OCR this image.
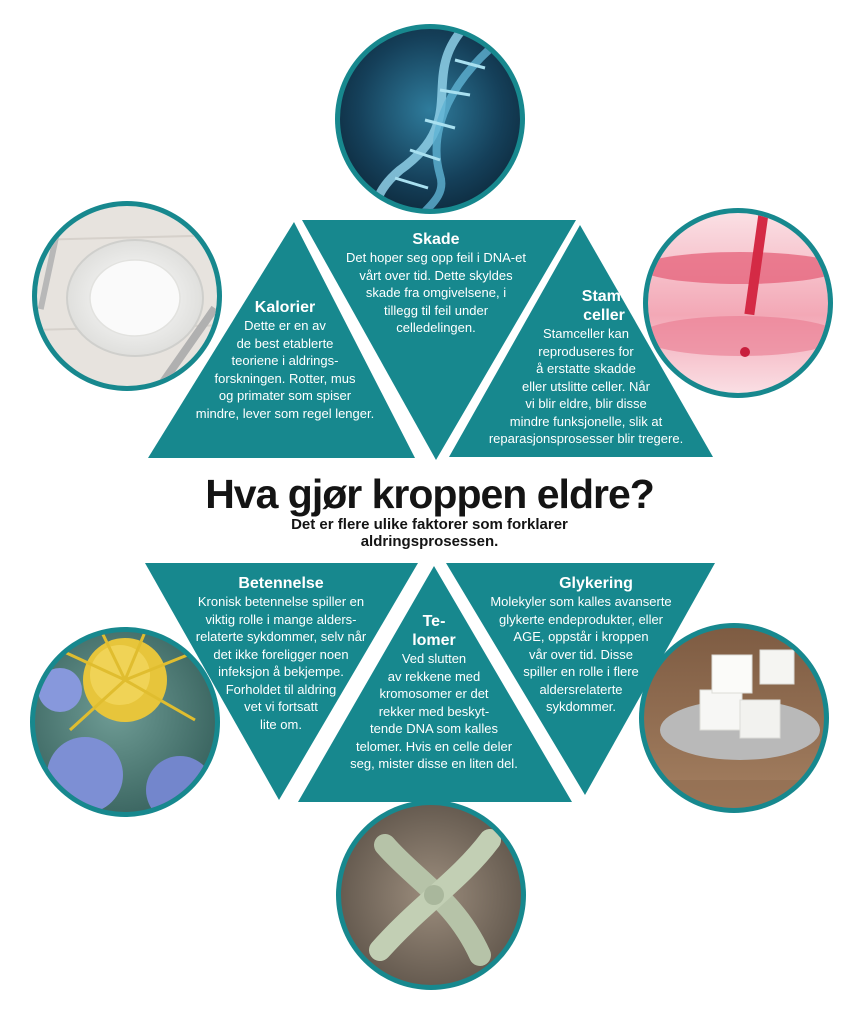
Skade
Det hoper seg opp feil i DNA-et
vårt over tid. Dette skyldes
skade fra omgivelsene, i
tillegg til feil under
celledelingen.
Kalorier
Dette er en av
de best etablerte
teoriene i aldrings-
forskningen. Rotter, mus
og primater som spiser
mindre, lever som regel lenger.
Stam-
celler
Stamceller kan
reproduseres for
å erstatte skadde
eller utslitte celler. Når
vi blir eldre, blir disse
mindre funksjonelle, slik at
reparasjonsprosesser blir tregere.
Betennelse
Kronisk betennelse spiller en
viktig rolle i mange alders-
relaterte sykdommer, selv når
det ikke foreligger noen
infeksjon å bekjempe.
Forholdet til aldring
vet vi fortsatt
lite om.
Te-
lomer
Ved slutten
av rekkene med
kromosomer er det
rekker med beskyt-
tende DNA som kalles
telomer. Hvis en celle deler
seg, mister disse en liten del.
Glykering
Molekyler som kalles avanserte
glykerte endeprodukter, eller
AGE, oppstår i kroppen
vår over tid. Disse
spiller en rolle i flere
aldersrelaterte
sykdommer.
Hva gjør kroppen eldre?
Det er flere ulike faktorer som forklarer
aldringsprosessen.
